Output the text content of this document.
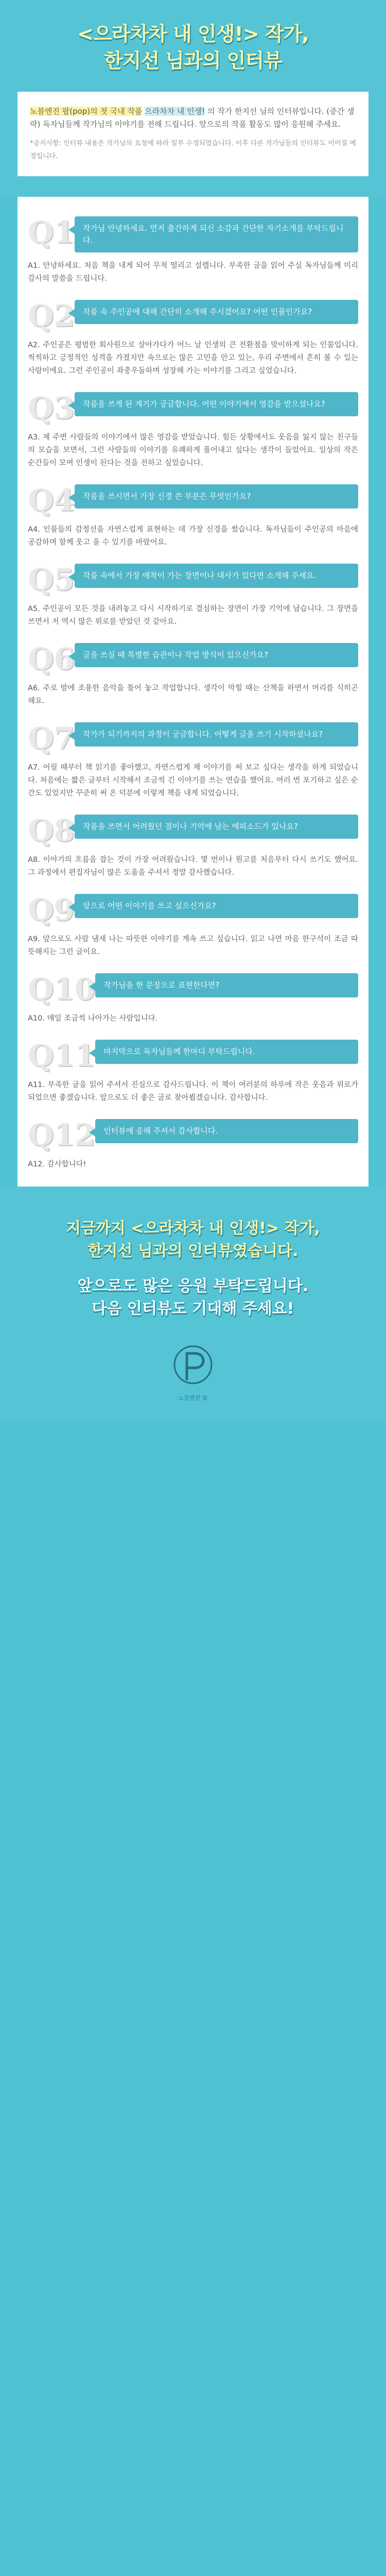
<으라차차 내 인생!> 작가,
한지선 님과의 인터뷰

노블엔진 팝(pop)의 첫 국내 작품 으라차차 내 인생! 의 작가 한지선 님의 인터뷰입니다. (중간 생략) 독자님들께 작가님의 이야기를 전해 드립니다. 앞으로의 작품 활동도 많이 응원해 주세요.

*공지사항: 인터뷰 내용은 작가님의 요청에 따라 일부 수정되었습니다. 이후 다른 작가님들의 인터뷰도 이어질 예정입니다.

Q1	작가님 안녕하세요. 먼저 출간하게 되신 소감과 간단한 자기소개를 부탁드립니다.

A1. 안녕하세요. 처음 책을 내게 되어 무척 떨리고 설렙니다. 부족한 글을 읽어 주실 독자님들께 미리 감사의 말씀을 드립니다.

Q2	작품 속 주인공에 대해 간단히 소개해 주시겠어요? 어떤 인물인가요?

A2. 주인공은 평범한 회사원으로 살아가다가 어느 날 인생의 큰 전환점을 맞이하게 되는 인물입니다. 씩씩하고 긍정적인 성격을 가졌지만 속으로는 많은 고민을 안고 있는, 우리 주변에서 흔히 볼 수 있는 사람이에요. 그런 주인공이 좌충우돌하며 성장해 가는 이야기를 그리고 싶었습니다.

Q3	작품을 쓰게 된 계기가 궁금합니다. 어떤 이야기에서 영감을 받으셨나요?

A3. 제 주변 사람들의 이야기에서 많은 영감을 받았습니다. 힘든 상황에서도 웃음을 잃지 않는 친구들의 모습을 보면서, 그런 사람들의 이야기를 유쾌하게 풀어내고 싶다는 생각이 들었어요. 일상의 작은 순간들이 모여 인생이 된다는 것을 전하고 싶었습니다.

Q4	작품을 쓰시면서 가장 신경 쓴 부분은 무엇인가요?

A4. 인물들의 감정선을 자연스럽게 표현하는 데 가장 신경을 썼습니다. 독자님들이 주인공의 마음에 공감하며 함께 웃고 울 수 있기를 바랐어요.

Q5	작품 속에서 가장 애착이 가는 장면이나 대사가 있다면 소개해 주세요.

A5. 주인공이 모든 것을 내려놓고 다시 시작하기로 결심하는 장면이 가장 기억에 남습니다. 그 장면을 쓰면서 저 역시 많은 위로를 받았던 것 같아요.

Q6	글을 쓰실 때 특별한 습관이나 작업 방식이 있으신가요?

A6. 주로 밤에 조용한 음악을 틀어 놓고 작업합니다. 생각이 막힐 때는 산책을 하면서 머리를 식히곤 해요.

Q7	작가가 되기까지의 과정이 궁금합니다. 어떻게 글을 쓰기 시작하셨나요?

A7. 어릴 때부터 책 읽기를 좋아했고, 자연스럽게 제 이야기를 써 보고 싶다는 생각을 하게 되었습니다. 처음에는 짧은 글부터 시작해서 조금씩 긴 이야기를 쓰는 연습을 했어요. 여러 번 포기하고 싶은 순간도 있었지만 꾸준히 써 온 덕분에 이렇게 책을 내게 되었습니다.

Q8	작품을 쓰면서 어려웠던 점이나 기억에 남는 에피소드가 있나요?

A8. 이야기의 흐름을 잡는 것이 가장 어려웠습니다. 몇 번이나 원고를 처음부터 다시 쓰기도 했어요. 그 과정에서 편집자님이 많은 도움을 주셔서 정말 감사했습니다.

Q9	앞으로 어떤 이야기를 쓰고 싶으신가요?

A9. 앞으로도 사람 냄새 나는 따뜻한 이야기를 계속 쓰고 싶습니다. 읽고 나면 마음 한구석이 조금 따뜻해지는 그런 글이요.

Q10	작가님을 한 문장으로 표현한다면?

A10. 매일 조금씩 나아가는 사람입니다.

Q11	마지막으로 독자님들께 한마디 부탁드립니다.

A11. 부족한 글을 읽어 주셔서 진심으로 감사드립니다. 이 책이 여러분의 하루에 작은 웃음과 위로가 되었으면 좋겠습니다. 앞으로도 더 좋은 글로 찾아뵙겠습니다. 감사합니다.

Q12	인터뷰에 응해 주셔서 감사합니다.

A12. 감사합니다!

지금까지 <으라차차 내 인생!> 작가,
한지선 님과의 인터뷰였습니다.
앞으로도 많은 응원 부탁드립니다.
다음 인터뷰도 기대해 주세요!
노블엔진 팝
